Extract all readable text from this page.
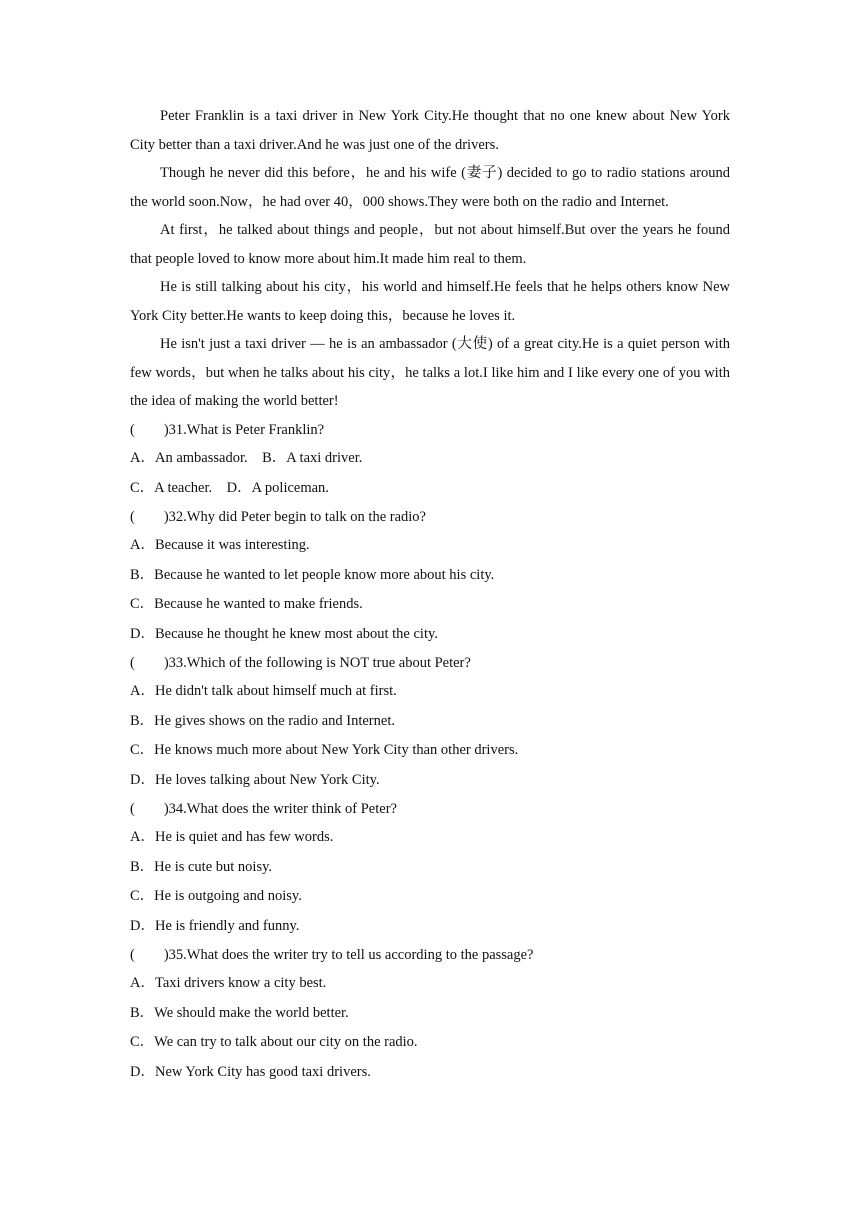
Peter Franklin is a taxi driver in New York City.He thought that no one knew about New York City better than a taxi driver.And he was just one of the drivers.

Though he never did this before，he and his wife (妻子) decided to go to radio stations around the world soon.Now，he had over 40，000 shows.They were both on the radio and Internet.

At first，he talked about things and people，but not about himself.But over the years he found that people loved to know more about him.It made him real to them.

He is still talking about his city，his world and himself.He feels that he helps others know New York City better.He wants to keep doing this，because he loves it.

He isn't just a taxi driver — he is an ambassador (大使) of a great city.He is a quiet person with few words，but when he talks about his city，he talks a lot.I like him and I like every one of you with the idea of making the world better!

(        ) 31.What is Peter Franklin?
A．An ambassador.    B．A taxi driver.
C．A teacher.    D．A policeman.
(        ) 32.Why did Peter begin to talk on the radio?
A．Because it was interesting.
B．Because he wanted to let people know more about his city.
C．Because he wanted to make friends.
D．Because he thought he knew most about the city.
(        ) 33.Which of the following is NOT true about Peter?
A．He didn't talk about himself much at first.
B．He gives shows on the radio and Internet.
C．He knows much more about New York City than other drivers.
D．He loves talking about New York City.
(        ) 34.What does the writer think of Peter?
A．He is quiet and has few words.
B．He is cute but noisy.
C．He is outgoing and noisy.
D．He is friendly and funny.
(        ) 35.What does the writer try to tell us according to the passage?
A．Taxi drivers know a city best.
B．We should make the world better.
C．We can try to talk about our city on the radio.
D．New York City has good taxi drivers.
